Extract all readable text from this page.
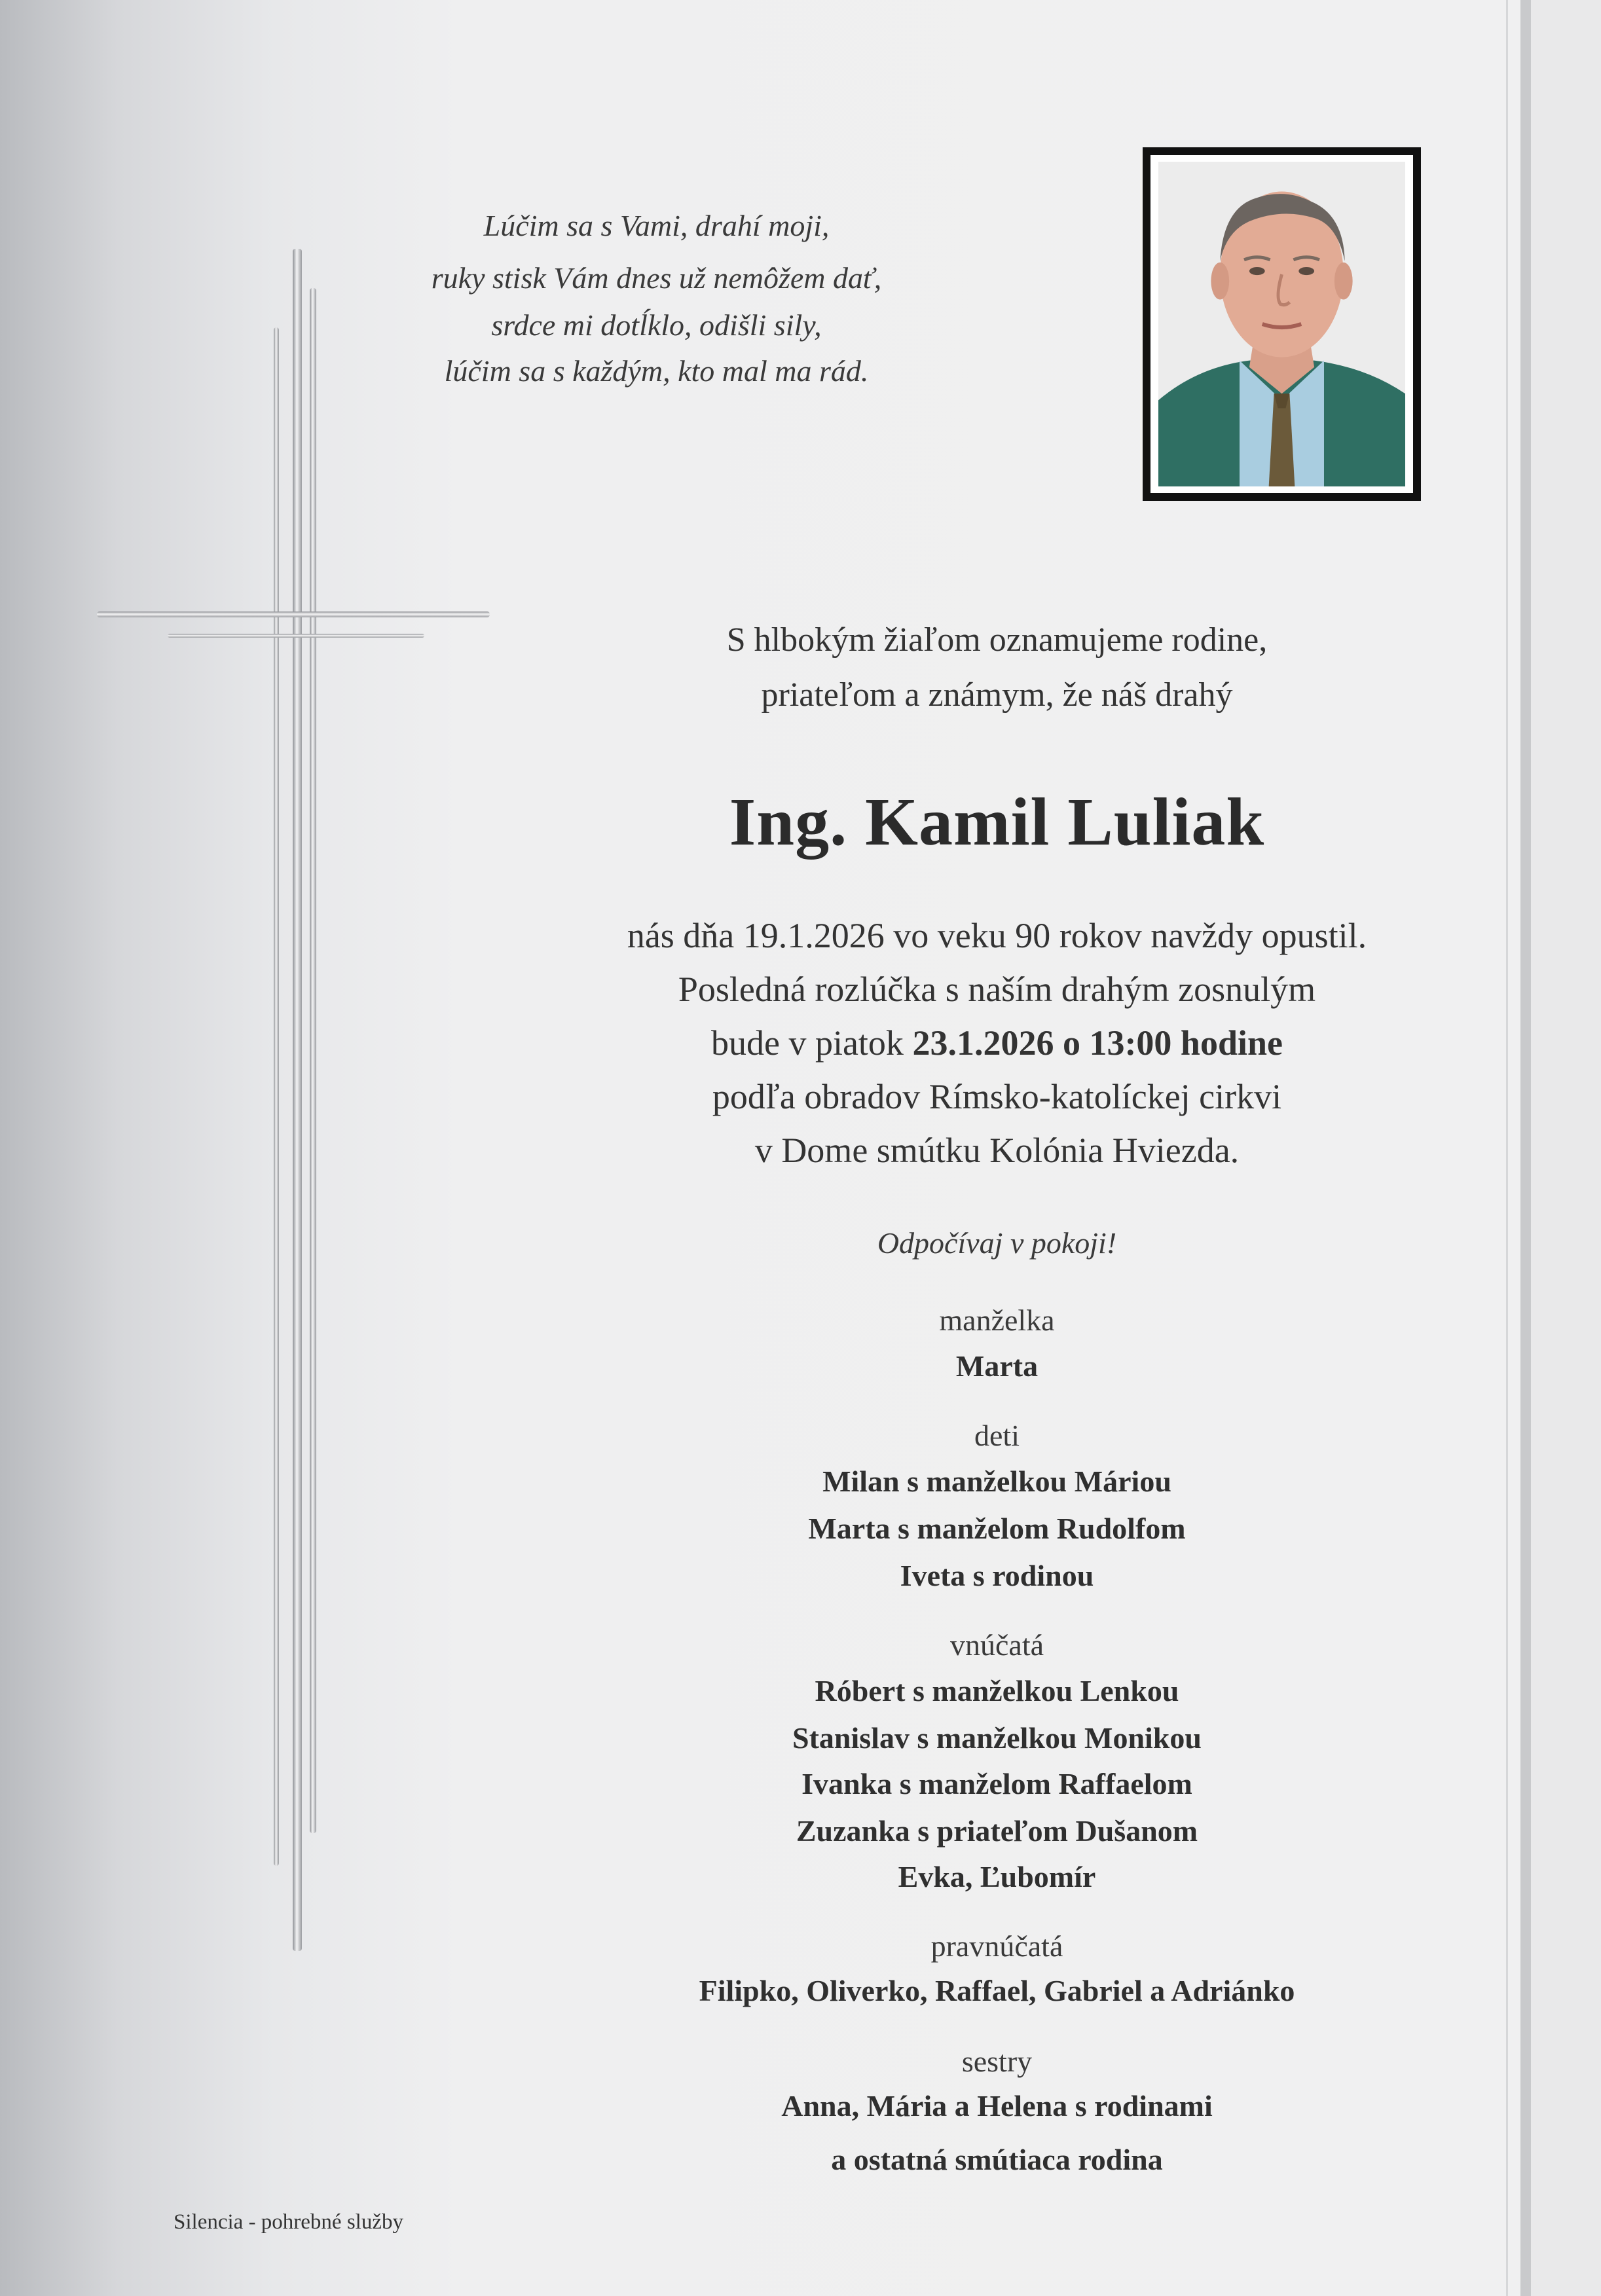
Lúčim sa s Vami, drahí moji,
ruky stisk Vám dnes už nemôžem dať,
srdce mi dotĺklo, odišli sily,
lúčim sa s každým, kto mal ma rád.
S hlbokým žiaľom oznamujeme rodine,
priateľom a známym, že náš drahý
Ing. Kamil Luliak
nás dňa 19.1.2026 vo veku 90 rokov navždy opustil.
Posledná rozlúčka s naším drahým zosnulým
bude v piatok 23.1.2026 o 13:00 hodine
podľa obradov Rímsko-katolíckej cirkvi
v Dome smútku Kolónia Hviezda.
Odpočívaj v pokoji!
manželka
Marta
deti
Milan s manželkou Máriou
Marta s manželom Rudolfom
Iveta s rodinou
vnúčatá
Róbert s manželkou Lenkou
Stanislav s manželkou Monikou
Ivanka s manželom Raffaelom
Zuzanka s priateľom Dušanom
Evka, Ľubomír
pravnúčatá
Filipko, Oliverko, Raffael, Gabriel a Adriánko
sestry
Anna, Mária a Helena s rodinami
a ostatná smútiaca rodina
Silencia - pohrebné služby
